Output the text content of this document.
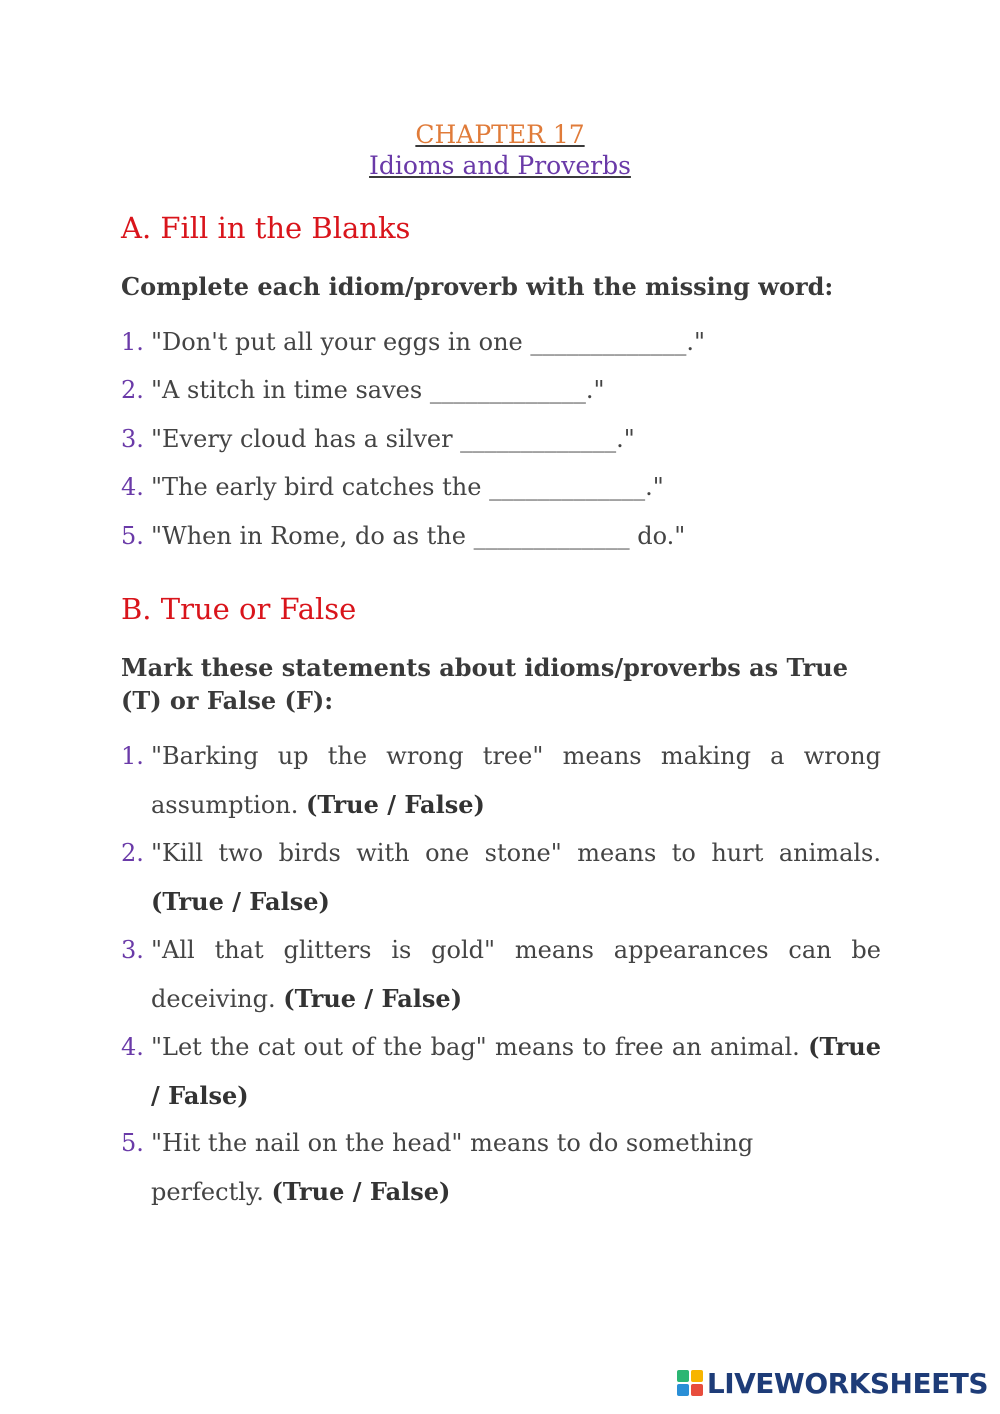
CHAPTER 17
Idioms and Proverbs
A. Fill in the Blanks
Complete each idiom/proverb with the missing word:
1. "Don't put all your eggs in one _____________."
2. "A stitch in time saves _____________."
3. "Every cloud has a silver _____________."
4. "The early bird catches the _____________."
5. "When in Rome, do as the _____________ do."
B. True or False
Mark these statements about idioms/proverbs as True (T) or False (F):
1. "Barking up the wrong tree" means making a wrong assumption. (True / False)
2. "Kill two birds with one stone" means to hurt animals. (True / False)
3. "All that glitters is gold" means appearances can be deceiving. (True / False)
4. "Let the cat out of the bag" means to free an animal. (True / False)
5. "Hit the nail on the head" means to do something perfectly. (True / False)
LIVEWORKSHEETS
